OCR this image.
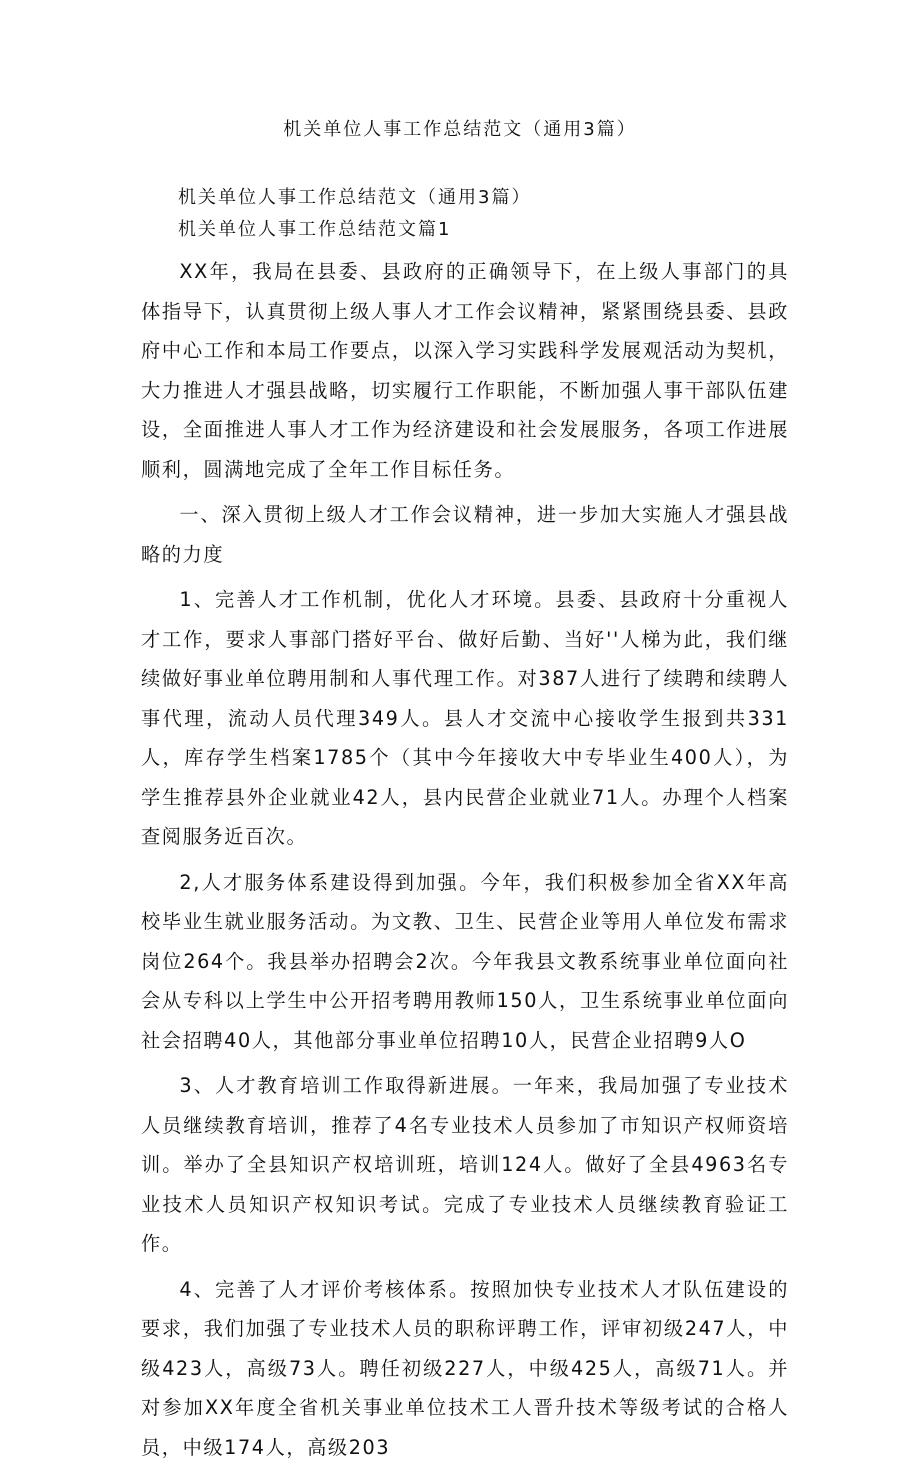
机关单位人事工作总结范文（通用3篇）
机关单位人事工作总结范文（通用3篇）
机关单位人事工作总结范文篇1

XX年，我局在县委、县政府的正确领导下，在上级人事部门的具体指导下，认真贯彻上级人事人才工作会议精神，紧紧围绕县委、县政府中心工作和本局工作要点，以深入学习实践科学发展观活动为契机，大力推进人才强县战略，切实履行工作职能，不断加强人事干部队伍建设，全面推进人事人才工作为经济建设和社会发展服务，各项工作进展顺利，圆满地完成了全年工作目标任务。

一、深入贯彻上级人才工作会议精神，进一步加大实施人才强县战略的力度

1、完善人才工作机制，优化人才环境。县委、县政府十分重视人才工作，要求人事部门搭好平台、做好后勤、当好''人梯为此，我们继续做好事业单位聘用制和人事代理工作。对387人进行了续聘和续聘人事代理，流动人员代理349人。县人才交流中心接收学生报到共331人，库存学生档案1785个（其中今年接收大中专毕业生400人），为学生推荐县外企业就业42人，县内民营企业就业71人。办理个人档案查阅服务近百次。

2,人才服务体系建设得到加强。今年，我们积极参加全省XX年高校毕业生就业服务活动。为文教、卫生、民营企业等用人单位发布需求岗位264个。我县举办招聘会2次。今年我县文教系统事业单位面向社会从专科以上学生中公开招考聘用教师150人，卫生系统事业单位面向社会招聘40人，其他部分事业单位招聘10人，民营企业招聘9人O

3、人才教育培训工作取得新进展。一年来，我局加强了专业技术人员继续教育培训，推荐了4名专业技术人员参加了市知识产权师资培训。举办了全县知识产权培训班，培训124人。做好了全县4963名专业技术人员知识产权知识考试。完成了专业技术人员继续教育验证工作。

4、完善了人才评价考核体系。按照加快专业技术人才队伍建设的要求，我们加强了专业技术人员的职称评聘工作，评审初级247人，中级423人，高级73人。聘任初级227人，中级425人，高级71人。并对参加XX年度全省机关事业单位技术工人晋升技术等级考试的合格人员，中级174人，高级203
